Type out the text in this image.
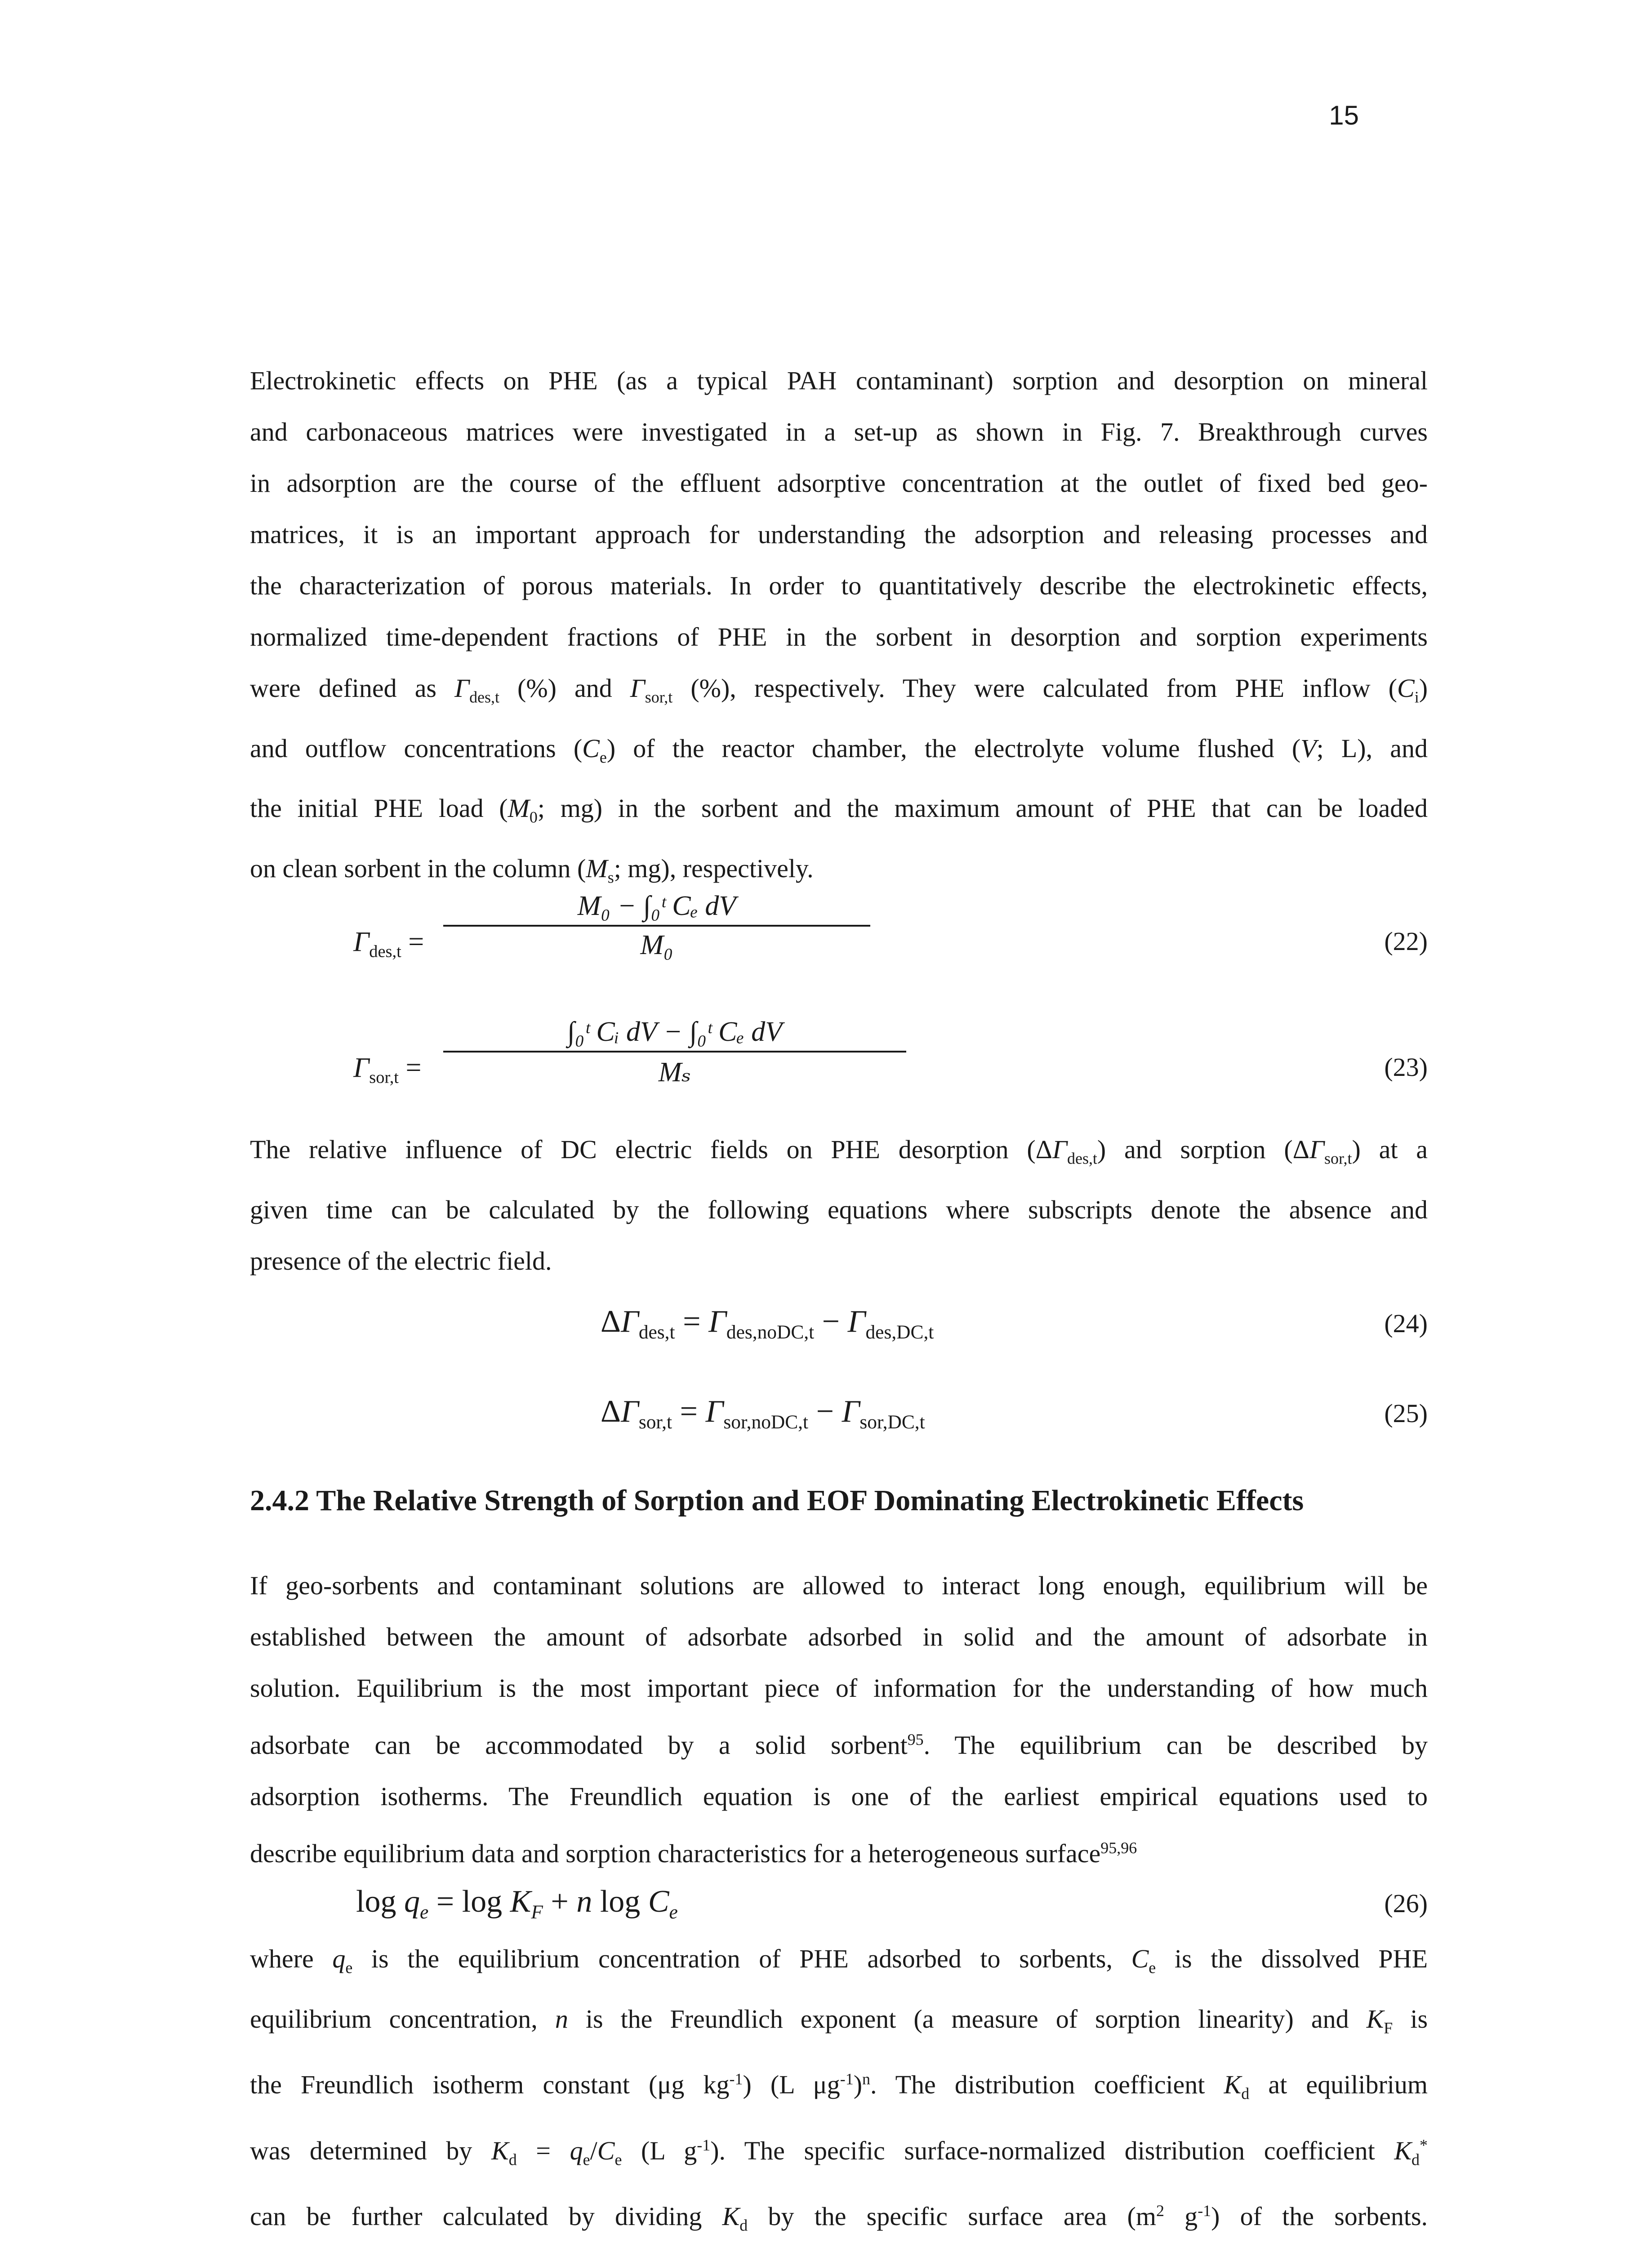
15

Electrokinetic effects on PHE (as a typical PAH contaminant) sorption and desorption on mineral
and carbonaceous matrices were investigated in a set-up as shown in Fig. 7. Breakthrough curves
in adsorption are the course of the effluent adsorptive concentration at the outlet of fixed bed geo-
matrices, it is an important approach for understanding the adsorption and releasing processes and
the characterization of porous materials. In order to quantitatively describe the electrokinetic effects,
normalized time-dependent fractions of PHE in the sorbent in desorption and sorption experiments
were defined as $\Gamma_{des,t}$ (%) and $\Gamma_{sor,t}$ (%), respectively. They were calculated from PHE inflow $(C_i)$
and outflow concentrations $(C_e)$ of the reactor chamber, the electrolyte volume flushed (V; L), and
the initial PHE load ($M_0$; mg) in the sorbent and the maximum amount of PHE that can be loaded
on clean sorbent in the column ($M_s$; mg), respectively.

$\Gamma_{des,t}$ =
M₀ − ∫₀ᵗ Cₑ dV
M₀	(22)
$\Gamma_{sor,t}$ =
∫₀ᵗ Cᵢ dV − ∫₀ᵗ Cₑ dV
Mₛ	(23)

The relative influence of DC electric fields on PHE desorption $(\Delta\Gamma_{des,t})$ and sorption $(\Delta\Gamma_{sor,t})$ at a
given time can be calculated by the following equations where subscripts denote the absence and
presence of the electric field.

$\Delta\Gamma_{des,t} = \Gamma_{des,noDC,t} - \Gamma_{des,DC,t}$	(24)
$\Delta\Gamma_{sor,t} = \Gamma_{sor,noDC,t} - \Gamma_{sor,DC,t}$	(25)
2.4.2 The Relative Strength of Sorption and EOF Dominating Electrokinetic Effects

If geo-sorbents and contaminant solutions are allowed to interact long enough, equilibrium will be
established between the amount of adsorbate adsorbed in solid and the amount of adsorbate in
solution. Equilibrium is the most important piece of information for the understanding of how much
adsorbate can be accommodated by a solid sorbent$^{95}$. The equilibrium can be described by
adsorption isotherms. The Freundlich equation is one of the earliest empirical equations used to
describe equilibrium data and sorption characteristics for a heterogeneous surface$^{95,96}$

$\log q_e = \log K_F + n$ $\log C_e$	(26)

where $q_e$ is the equilibrium concentration of PHE adsorbed to sorbents, $C_e$ is the dissolved PHE
equilibrium concentration, n is the Freundlich exponent (a measure of sorption linearity) and $K_F$ is
the Freundlich isotherm constant (μg $kg^{-1}$) (L $\mu g^{-1})^n$. The distribution coefficient $K_d$ at equilibrium
was determined by $K_d = q_e/C_e$ (L $g^{-1}$). The specific surface-normalized distribution coefficient $K_d^*$
can be further calculated by dividing $K_d$ by the specific surface area ($m^2$ $g^{-1}$) of the sorbents.
